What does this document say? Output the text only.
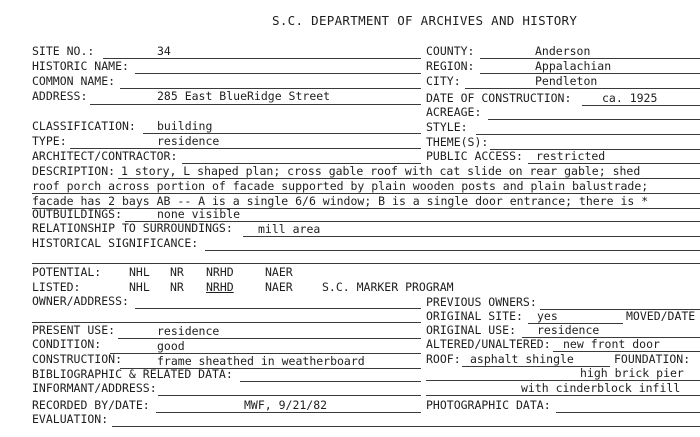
S.C. DEPARTMENT OF ARCHIVES AND HISTORY
SITE NO.:	34
HISTORIC NAME:
COMMON NAME:
ADDRESS:	285 East BlueRidge Street
CLASSIFICATION: building
TYPE:	residence
ARCHITECT/CONTRACTOR:
COUNTY:	Anderson
REGION:	Appalachian
CITY:	Pendleton
DATE OF CONSTRUCTION:	ca. 1925
ACREAGE:
STYLE:
THEME(S):
PUBLIC ACCESS: restricted
DESCRIPTION: 1 story, L shaped plan; cross gable roof with cat slide on rear gable; shed
roof porch across portion of facade supported by plain wooden posts and plain balustrade;
facade has 2 bays AB -- A is a single 6/6 window; B is a single door entrance; there is *
OUTBUILDINGS:	none visible
RELATIONSHIP TO SURROUNDINGS: mill area
HISTORICAL SIGNIFICANCE:
POTENTIAL: NHL NR NRHD	NAER
LISTED:	NHL NR NRHD	NAER	S.C. MARKER PROGRAM
OWNER/ADDRESS:
PRESENT USE:	residence
CONDITION:	good
CONSTRUCTION:	frame sheathed in weatherboard
BIBLIOGRAPHIC & RELATED DATA:
INFORMANT/ADDRESS:
RECORDED BY/DATE:	MWF, 9/21/82
EVALUATION:
PREVIOUS OWNERS:
ORIGINAL SITE: yes	MOVED/DATE
ORIGINAL USE: residence
ALTERED/UNALTERED: new front door
ROOF: asphalt shingle	FOUNDATION:
high brick pier
with cinderblock infill
PHOTOGRAPHIC DATA:
